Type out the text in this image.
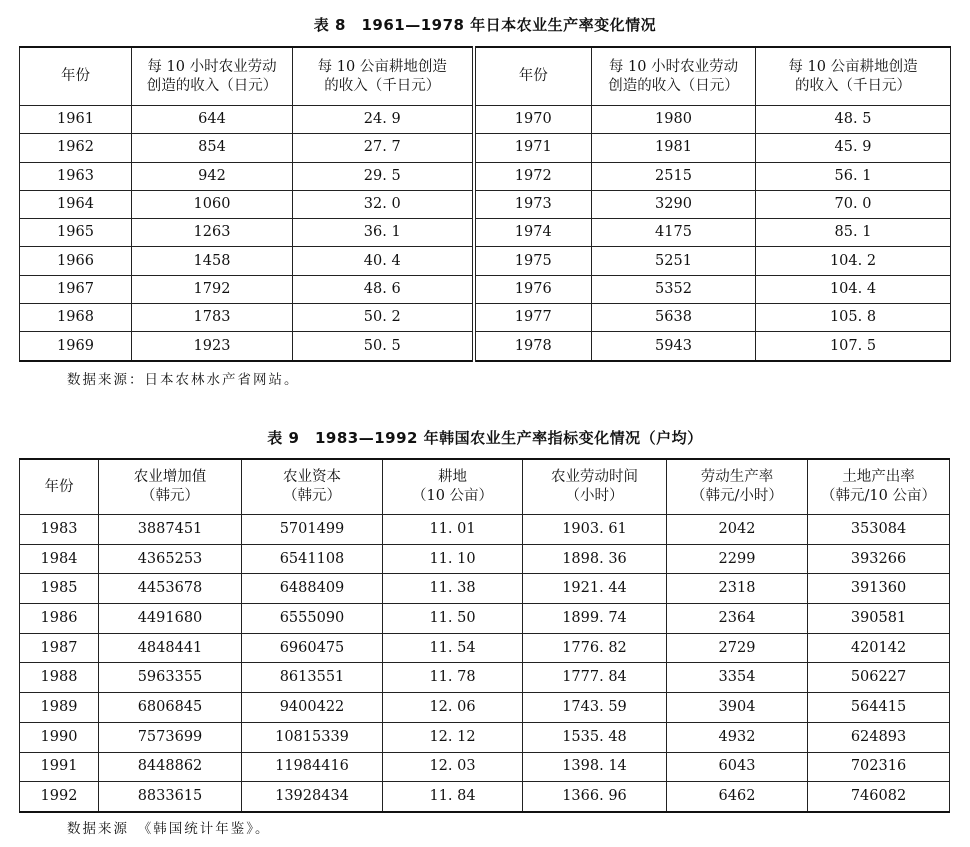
表 8　1961—1978 年日本农业生产率变化情况
年份	每 10 小时农业劳动
创造的收入（日元）	每 10 公亩耕地创造
的收入（千日元）	年份	每 10 小时农业劳动
创造的收入（日元）	每 10 公亩耕地创造
的收入（千日元）

1961	644	24. 9	1970	1980	48. 5
1962	854	27. 7	1971	1981	45. 9
1963	942	29. 5	1972	2515	56. 1
1964	1060	32. 0	1973	3290	70. 0
1965	1263	36. 1	1974	4175	85. 1
1966	1458	40. 4	1975	5251	104. 2
1967	1792	48. 6	1976	5352	104. 4
1968	1783	50. 2	1977	5638	105. 8
1969	1923	50. 5	1978	5943	107. 5
数据来源：日本农林水产省网站。
表 9　1983—1992 年韩国农业生产率指标变化情况（户均）
年份	农业增加值
（韩元）	农业资本
（韩元）	耕地
（10 公亩）	农业劳动时间
（小时）	劳动生产率
（韩元/小时）	土地产出率
（韩元/10 公亩）

1983	3887451	5701499	11. 01	1903. 61	2042	353084
1984	4365253	6541108	11. 10	1898. 36	2299	393266
1985	4453678	6488409	11. 38	1921. 44	2318	391360
1986	4491680	6555090	11. 50	1899. 74	2364	390581
1987	4848441	6960475	11. 54	1776. 82	2729	420142
1988	5963355	8613551	11. 78	1777. 84	3354	506227
1989	6806845	9400422	12. 06	1743. 59	3904	564415
1990	7573699	10815339	12. 12	1535. 48	4932	624893
1991	8448862	11984416	12. 03	1398. 14	6043	702316
1992	8833615	13928434	11. 84	1366. 96	6462	746082
数据来源　《韩国统计年鉴》。
